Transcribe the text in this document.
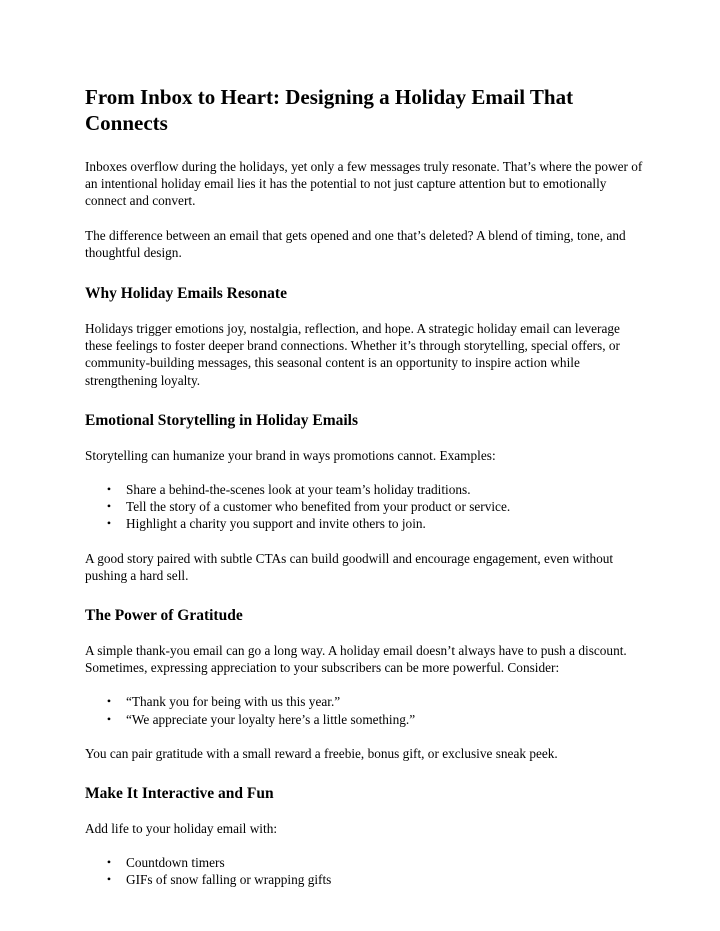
From Inbox to Heart: Designing a Holiday Email That Connects

Inboxes overflow during the holidays, yet only a few messages truly resonate. That’s where the power of an intentional holiday email lies it has the potential to not just capture attention but to emotionally connect and convert.

The difference between an email that gets opened and one that’s deleted? A blend of timing, tone, and thoughtful design.

Why Holiday Emails Resonate

Holidays trigger emotions joy, nostalgia, reflection, and hope. A strategic holiday email can leverage these feelings to foster deeper brand connections. Whether it’s through storytelling, special offers, or community-building messages, this seasonal content is an opportunity to inspire action while strengthening loyalty.

Emotional Storytelling in Holiday Emails

Storytelling can humanize your brand in ways promotions cannot. Examples:

• Share a behind-the-scenes look at your team’s holiday traditions.
• Tell the story of a customer who benefited from your product or service.
• Highlight a charity you support and invite others to join.

A good story paired with subtle CTAs can build goodwill and encourage engagement, even without pushing a hard sell.

The Power of Gratitude

A simple thank-you email can go a long way. A holiday email doesn’t always have to push a discount. Sometimes, expressing appreciation to your subscribers can be more powerful. Consider:

• “Thank you for being with us this year.”
• “We appreciate your loyalty here’s a little something.”

You can pair gratitude with a small reward a freebie, bonus gift, or exclusive sneak peek.

Make It Interactive and Fun

Add life to your holiday email with:

• Countdown timers
• GIFs of snow falling or wrapping gifts
